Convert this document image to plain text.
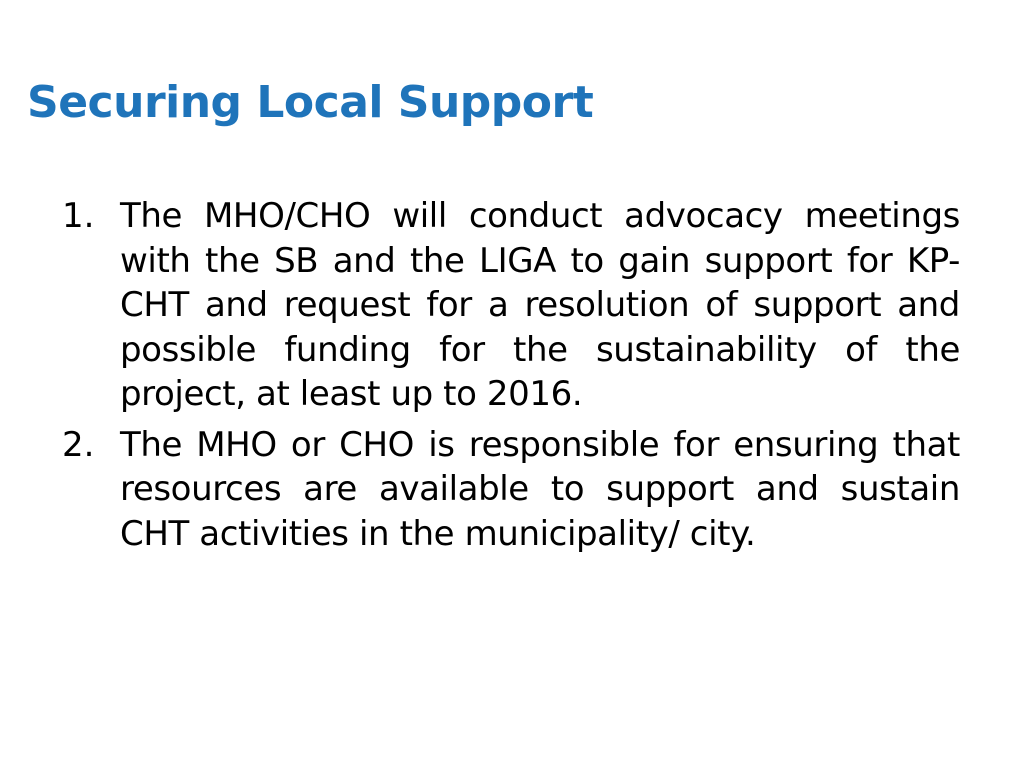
Securing Local Support
1. The MHO/CHO will conduct advocacy meetings with the SB and the LIGA to gain support for KP-CHT and request for a resolution of support and possible funding for the sustainability of the project, at least up to 2016.
2. The MHO or CHO is responsible for ensuring that resources are available to support and sustain CHT activities in the municipality/ city.
